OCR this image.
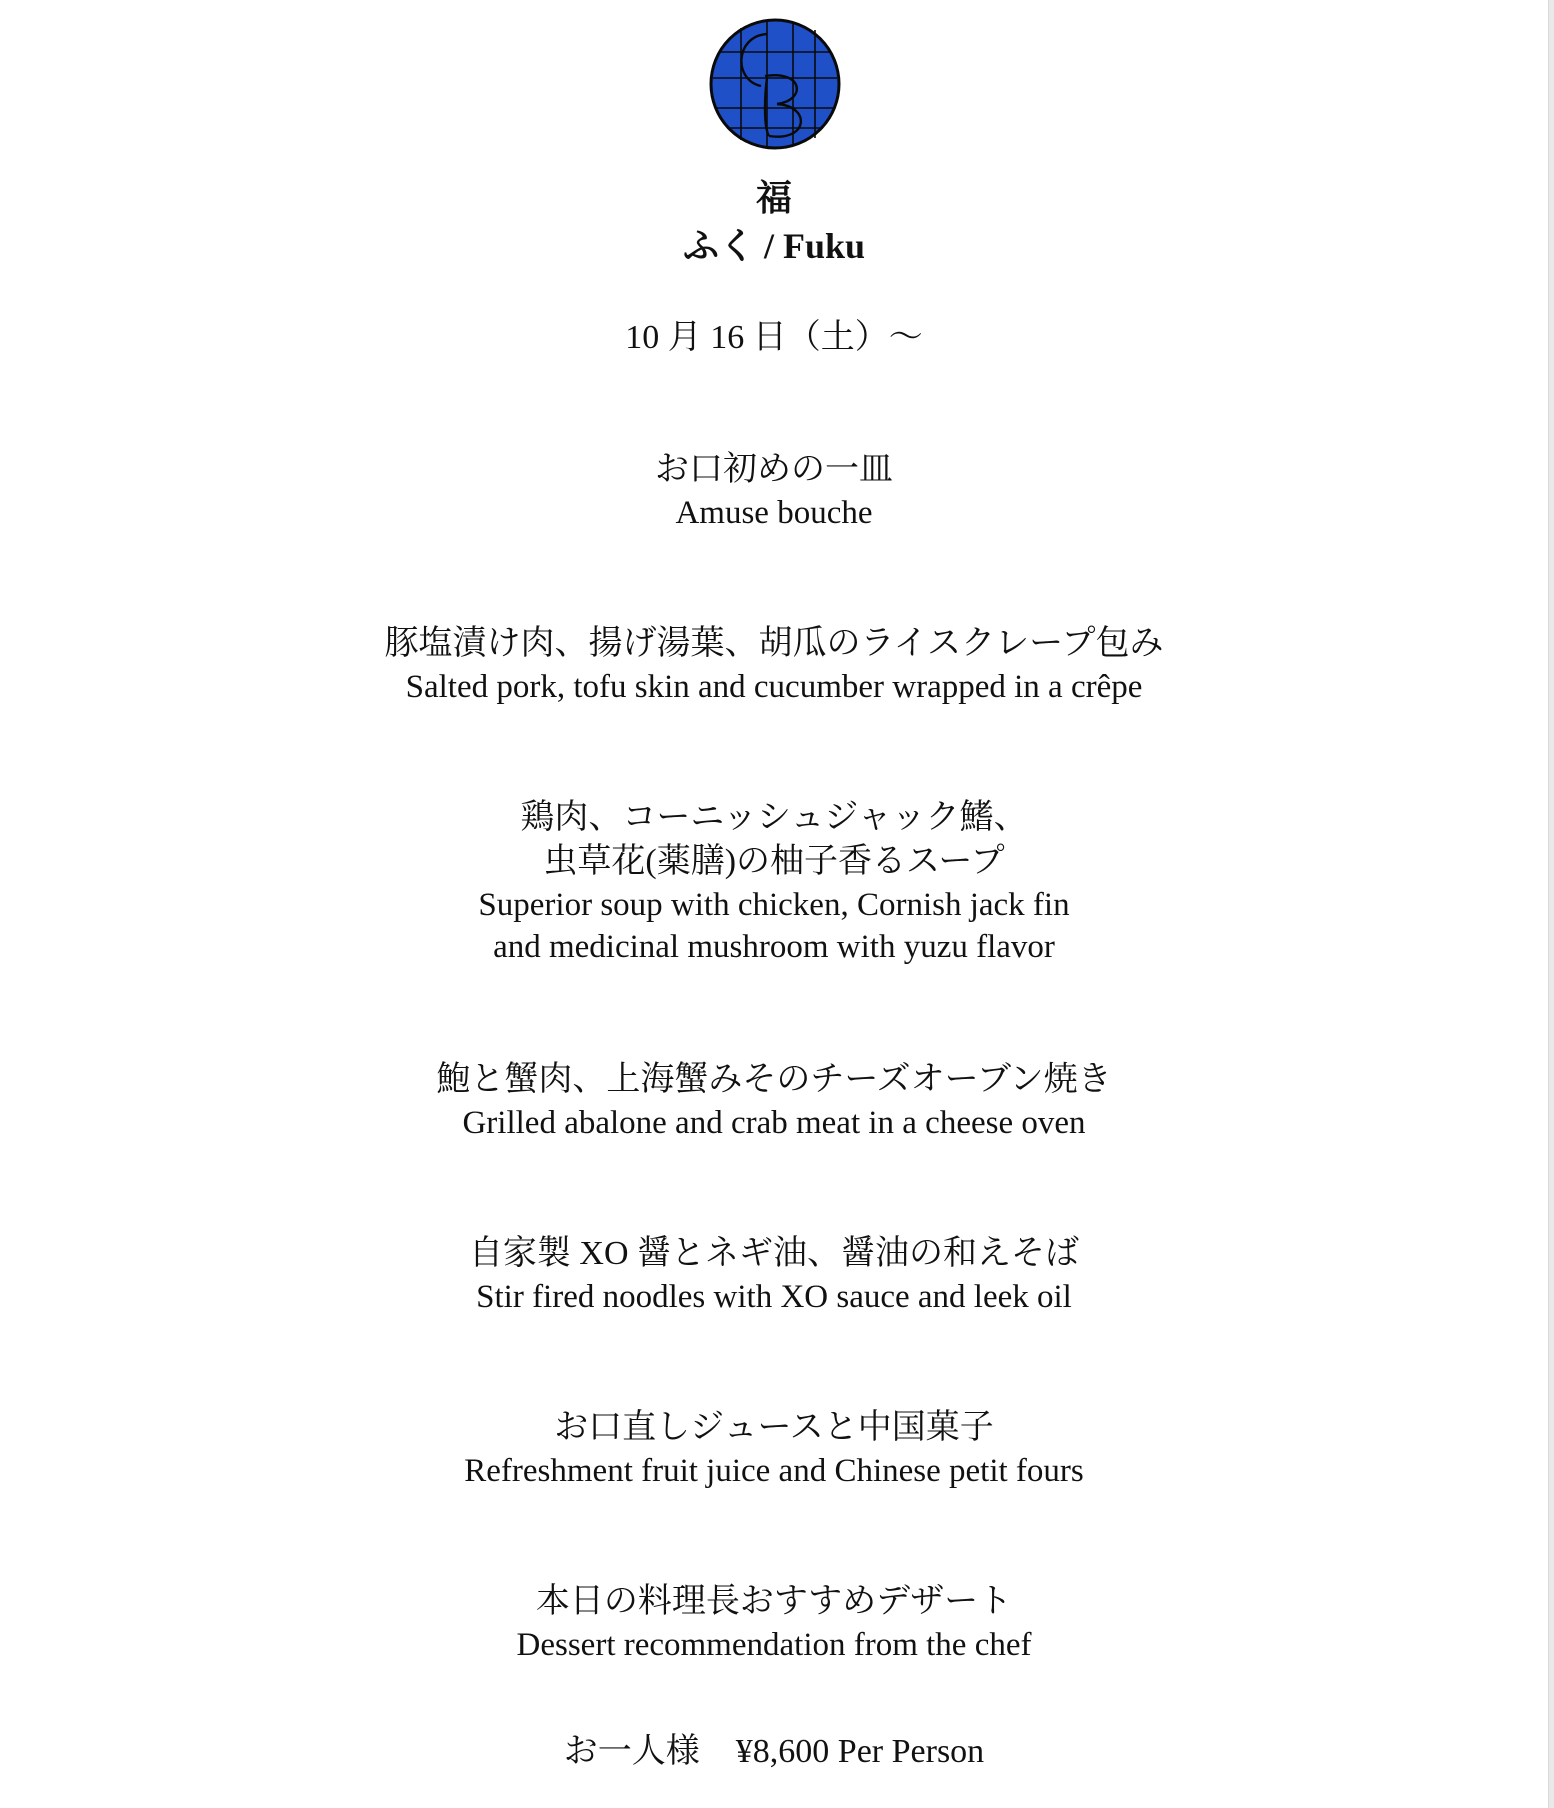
福
ふく / Fuku
10 月 16 日（土）～
お口初めの一皿
Amuse bouche
豚塩漬け肉、揚げ湯葉、胡瓜のライスクレープ包み
Salted pork, tofu skin and cucumber wrapped in a crêpe
鶏肉、コーニッシュジャック鰭、
虫草花(薬膳)の柚子香るスープ
Superior soup with chicken, Cornish jack fin
and medicinal mushroom with yuzu flavor
鮑と蟹肉、上海蟹みそのチーズオーブン焼き
Grilled abalone and crab meat in a cheese oven
自家製 XO 醤とネギ油、醤油の和えそば
Stir fired noodles with XO sauce and leek oil
お口直しジュースと中国菓子
Refreshment fruit juice and Chinese petit fours
本日の料理長おすすめデザート
Dessert recommendation from the chef
お一人様 ¥8,600 Per Person
